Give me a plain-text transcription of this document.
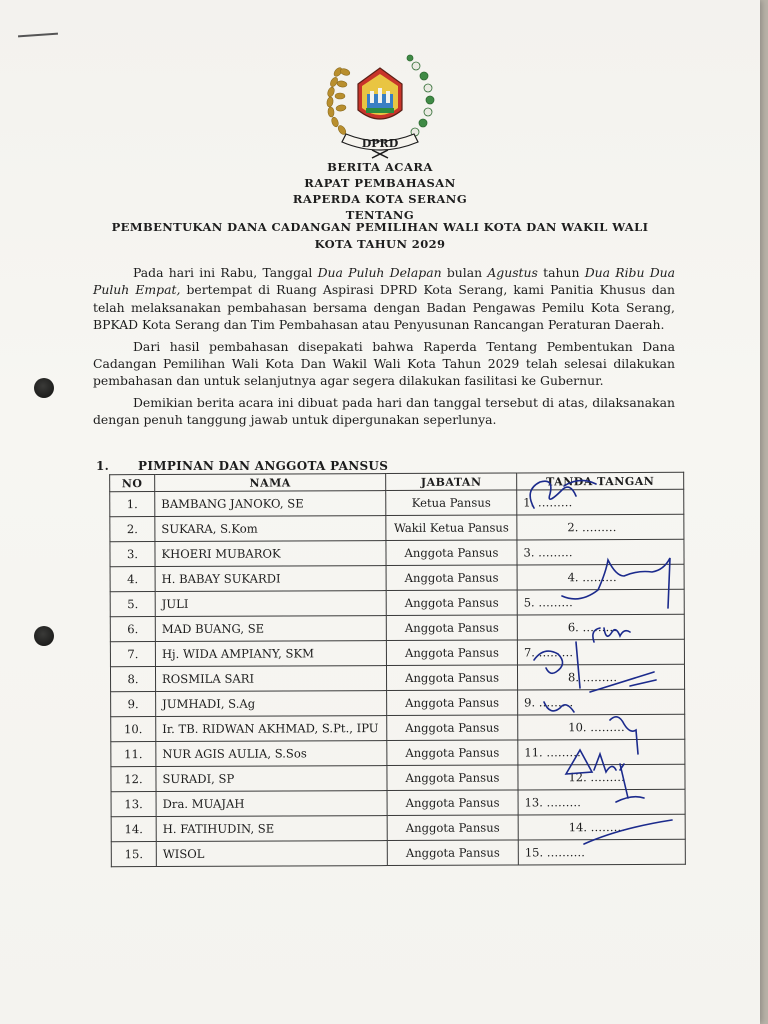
DPRD
BERITA ACARA
RAPAT PEMBAHASAN
RAPERDA KOTA SERANG
TENTANG
PEMBENTUKAN DANA CADANGAN PEMILIHAN WALI KOTA DAN WAKIL WALI
KOTA TAHUN 2029

Pada hari ini Rabu, Tanggal Dua Puluh Delapan bulan Agustus tahun Dua Ribu Dua Puluh Empat, bertempat di Ruang Aspirasi DPRD Kota Serang, kami Panitia Khusus dan telah melaksanakan pembahasan bersama dengan Badan Pengawas Pemilu Kota Serang, BPKAD Kota Serang dan Tim Pembahasan atau Penyusunan Rancangan Peraturan Daerah.

Dari hasil pembahasan disepakati bahwa Raperda Tentang Pembentukan Dana Cadangan Pemilihan Wali Kota Dan Wakil Wali Kota Tahun 2029 telah selesai dilakukan pembahasan dan untuk selanjutnya agar segera dilakukan fasilitasi ke Gubernur.

Demikian berita acara ini dibuat pada hari dan tanggal tersebut di atas, dilaksanakan dengan penuh tanggung jawab untuk dipergunakan seperlunya.

1. PIMPINAN DAN ANGGOTA PANSUS
NO	NAMA	JABATAN	TANDA TANGAN
1.	BAMBANG JANOKO, SE	Ketua Pansus	1. ………
2.	SUKARA, S.Kom	Wakil Ketua Pansus	2. ………
3.	KHOERI MUBAROK	Anggota Pansus	3. ………
4.	H. BABAY SUKARDI	Anggota Pansus	4. ………
5.	JULI	Anggota Pansus	5. ………
6.	MAD BUANG, SE	Anggota Pansus	6. ………
7.	Hj. WIDA AMPIANY, SKM	Anggota Pansus	7. ………
8.	ROSMILA SARI	Anggota Pansus	8. ………
9.	JUMHADI, S.Ag	Anggota Pansus	9. ………
10.	Ir. TB. RIDWAN AKHMAD, S.Pt., IPU	Anggota Pansus	10. ………
11.	NUR AGIS AULIA, S.Sos	Anggota Pansus	11. ………
12.	SURADI, SP	Anggota Pansus	12. ………
13.	Dra. MUAJAH	Anggota Pansus	13. ………
14.	H. FATIHUDIN, SE	Anggota Pansus	14. ………
15.	WISOL	Anggota Pansus	15. ……….
